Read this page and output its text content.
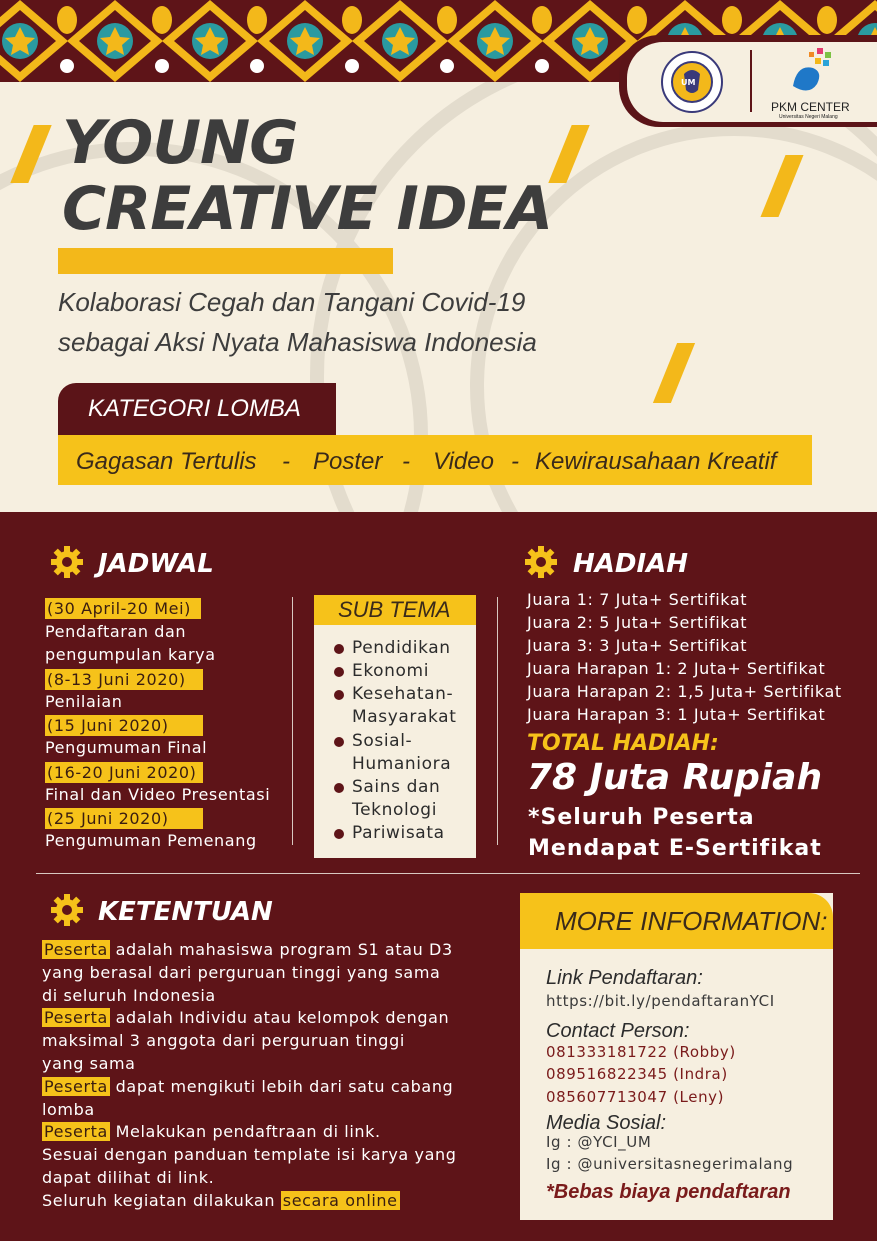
UM
PKM CENTER
Universitas Negeri Malang
YOUNG
CREATIVE IDEA
Kolaborasi Cegah dan Tangani Covid-19
sebagai Aksi Nyata Mahasiswa Indonesia
KATEGORI LOMBA
Gagasan Tertulis - Poster - Video - Kewirausahaan Kreatif
JADWAL	HADIAH
(30 April-20 Mei)
Pendaftaran dan
pengumpulan karya
(8-13 Juni 2020)
Penilaian
(15 Juni 2020)
Pengumuman Final
(16-20 Juni 2020)
Final dan Video Presentasi
(25 Juni 2020)
Pengumuman Pemenang
SUB TEMA
Pendidikan
Ekonomi
Kesehatan-
Masyarakat
Sosial-
Humaniora
Sains dan
Teknologi
Pariwisata
Juara 1: 7 Juta+ Sertifikat
Juara 2: 5 Juta+ Sertifikat
Juara 3: 3 Juta+ Sertifikat
Juara Harapan 1: 2 Juta+ Sertifikat
Juara Harapan 2: 1,5 Juta+ Sertifikat
Juara Harapan 3: 1 Juta+ Sertifikat
TOTAL HADIAH:
78 Juta Rupiah
*Seluruh Peserta
Mendapat E-Sertifikat
KETENTUAN
Peserta adalah mahasiswa program S1 atau D3
yang berasal dari perguruan tinggi yang sama
di seluruh Indonesia
Peserta adalah Individu atau kelompok dengan
maksimal 3 anggota dari perguruan tinggi
yang sama
Peserta dapat mengikuti lebih dari satu cabang
lomba
Peserta Melakukan pendaftraan di link.
Sesuai dengan panduan template isi karya yang
dapat dilihat di link.
Seluruh kegiatan dilakukan secara online
MORE INFORMATION:
Link Pendaftaran:
https://bit.ly/pendaftaranYCI
Contact Person:
081333181722 (Robby)
089516822345 (Indra)
085607713047 (Leny)
Media Sosial:
Ig : @YCI_UM
Ig : @universitasnegerimalang
*Bebas biaya pendaftaran
